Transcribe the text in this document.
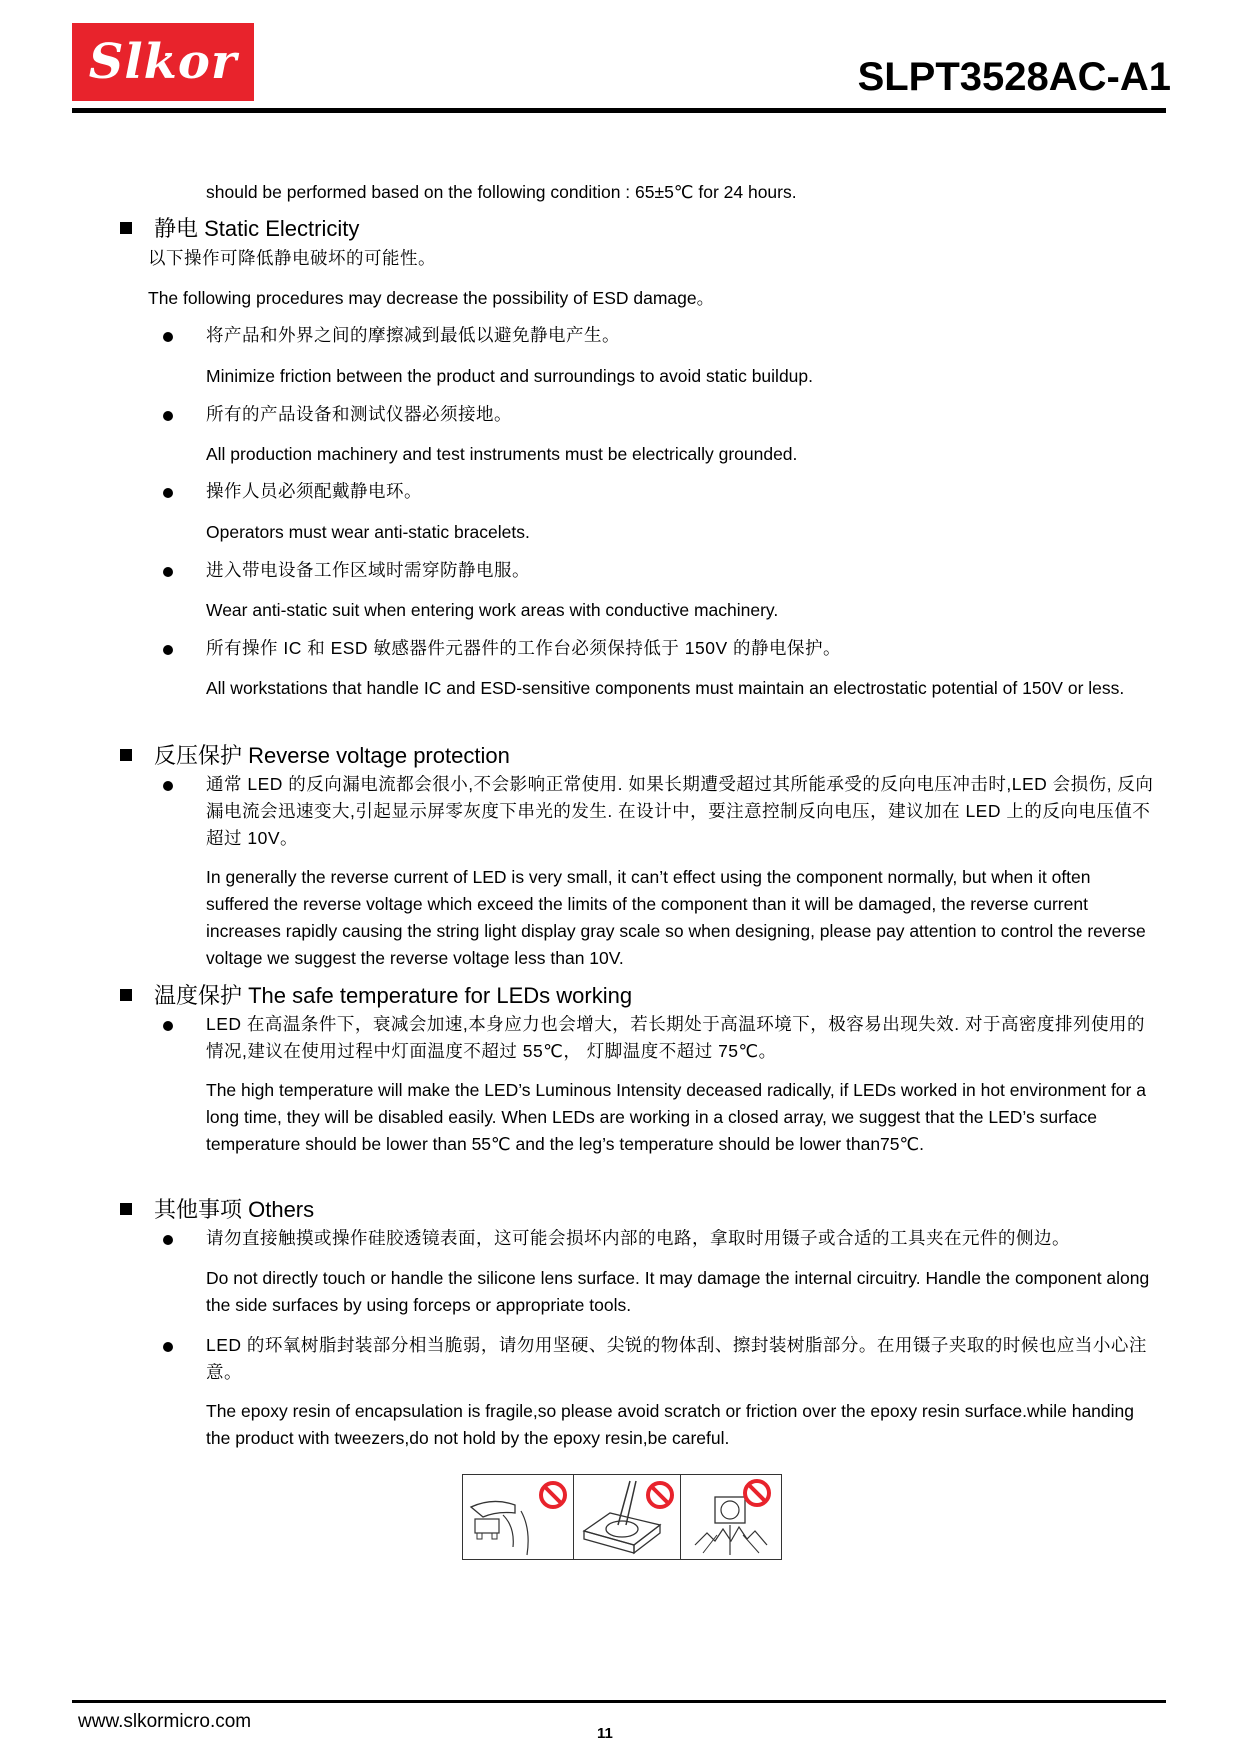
Slkor	SLPT3528AC-A1
should be performed based on the following condition : 65±5℃ for 24 hours.
静电 Static Electricity
以下操作可降低静电破坏的可能性。
The following procedures may decrease the possibility of ESD damage。
将产品和外界之间的摩擦减到最低以避免静电产生。
Minimize friction between the product and surroundings to avoid static buildup.
所有的产品设备和测试仪器必须接地。
All production machinery and test instruments must be electrically grounded.
操作人员必须配戴静电环。
Operators must wear anti-static bracelets.
进入带电设备工作区域时需穿防静电服。
Wear anti-static suit when entering work areas with conductive machinery.
所有操作 IC 和 ESD 敏感器件元器件的工作台必须保持低于 150V 的静电保护。
All workstations that handle IC and ESD-sensitive components must maintain an electrostatic potential of 150V or less.
反压保护 Reverse voltage protection
通常 LED 的反向漏电流都会很小,不会影响正常使用. 如果长期遭受超过其所能承受的反向电压冲击时,LED 会损伤, 反向漏电流会迅速变大,引起显示屏零灰度下串光的发生. 在设计中，要注意控制反向电压，建议加在 LED 上的反向电压值不超过 10V。
In generally the reverse current of LED is very small, it can’t effect using the component normally, but when it often suffered the reverse voltage which exceed the limits of the component than it will be damaged, the reverse current increases rapidly causing the string light display gray scale so when designing, please pay attention to control the reverse voltage we suggest the reverse voltage less than 10V.
温度保护 The safe temperature for LEDs working
LED 在高温条件下，衰减会加速,本身应力也会增大，若长期处于高温环境下，极容易出现失效. 对于高密度排列使用的情况,建议在使用过程中灯面温度不超过 55℃， 灯脚温度不超过 75℃。
The high temperature will make the LED’s Luminous Intensity deceased radically, if LEDs worked in hot environment for a long time, they will be disabled easily. When LEDs are working in a closed array, we suggest that the LED’s surface temperature should be lower than 55℃ and the leg’s temperature should be lower than75℃.
其他事项 Others
请勿直接触摸或操作硅胶透镜表面，这可能会损坏内部的电路，拿取时用镊子或合适的工具夹在元件的侧边。
Do not directly touch or handle the silicone lens surface. It may damage the internal circuitry. Handle the component along the side surfaces by using forceps or appropriate tools.
LED 的环氧树脂封装部分相当脆弱，请勿用坚硬、尖锐的物体刮、擦封装树脂部分。在用镊子夹取的时候也应当小心注意。
The epoxy resin of encapsulation is fragile,so please avoid scratch or friction over the epoxy resin surface.while handing the product with tweezers,do not hold by the epoxy resin,be careful.
www.slkormicro.com
11
